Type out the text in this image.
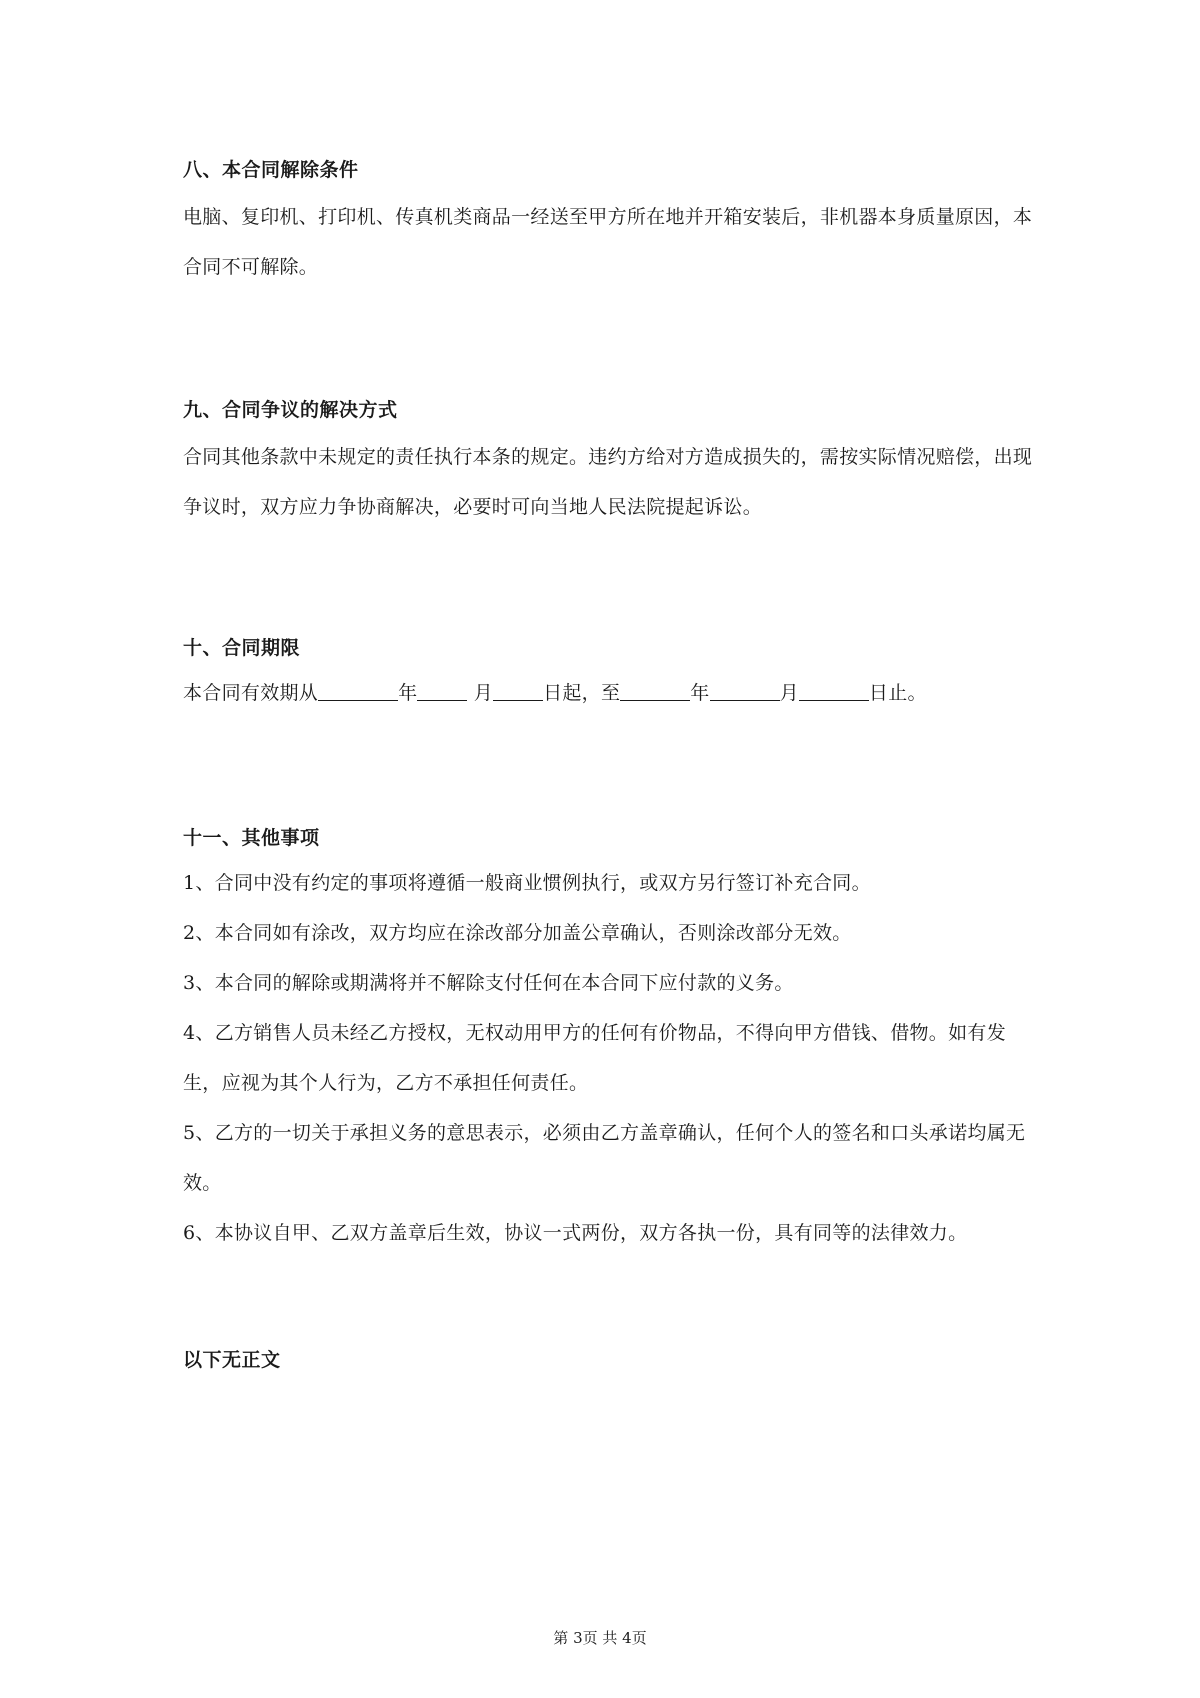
八、本合同解除条件

电脑、复印机、打印机、传真机类商品一经送至甲方所在地并开箱安装后，非机器本身质量原因，本合同不可解除。

九、合同争议的解决方式

合同其他条款中未规定的责任执行本条的规定。违约方给对方造成损失的，需按实际情况赔偿，出现争议时，双方应力争协商解决，必要时可向当地人民法院提起诉讼。

十、合同期限

本合同有效期从	年	月	日起，至	年	月	日止。

十一、其他事项

1、合同中没有约定的事项将遵循一般商业惯例执行，或双方另行签订补充合同。

2、本合同如有涂改，双方均应在涂改部分加盖公章确认，否则涂改部分无效。

3、本合同的解除或期满将并不解除支付任何在本合同下应付款的义务。

4、乙方销售人员未经乙方授权，无权动用甲方的任何有价物品，不得向甲方借钱、借物。如有发生，应视为其个人行为，乙方不承担任何责任。

5、乙方的一切关于承担义务的意思表示，必须由乙方盖章确认，任何个人的签名和口头承诺均属无效。

6、本协议自甲、乙双方盖章后生效，协议一式两份，双方各执一份，具有同等的法律效力。

以下无正文
第 3页 共 4页
